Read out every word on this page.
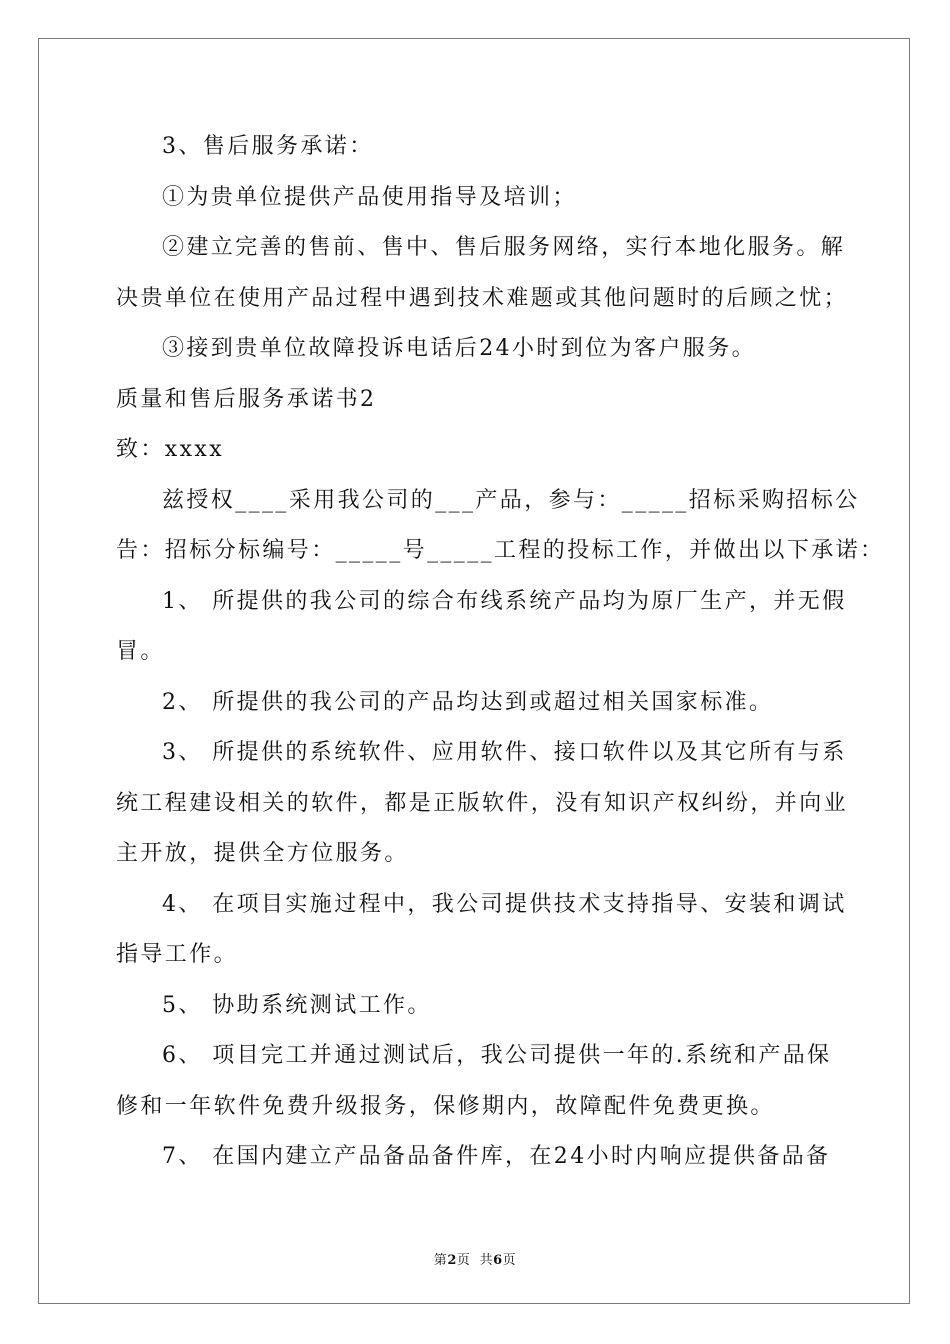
3、售后服务承诺：

①为贵单位提供产品使用指导及培训；

②建立完善的售前、售中、售后服务网络，实行本地化服务。解

决贵单位在使用产品过程中遇到技术难题或其他问题时的后顾之忧；

③接到贵单位故障投诉电话后24小时到位为客户服务。

质量和售后服务承诺书2

致：xxxx

兹授权____采用我公司的___产品，参与：_____招标采购招标公

告：招标分标编号：_____号_____工程的投标工作，并做出以下承诺：

1、 所提供的我公司的综合布线系统产品均为原厂生产，并无假

冒。

2、 所提供的我公司的产品均达到或超过相关国家标准。

3、 所提供的系统软件、应用软件、接口软件以及其它所有与系

统工程建设相关的软件，都是正版软件，没有知识产权纠纷，并向业

主开放，提供全方位服务。

4、 在项目实施过程中，我公司提供技术支持指导、安装和调试

指导工作。

5、 协助系统测试工作。

6、 项目完工并通过测试后，我公司提供一年的.系统和产品保

修和一年软件免费升级报务，保修期内，故障配件免费更换。

7、 在国内建立产品备品备件库，在24小时内响应提供备品备

第2页  共6页
